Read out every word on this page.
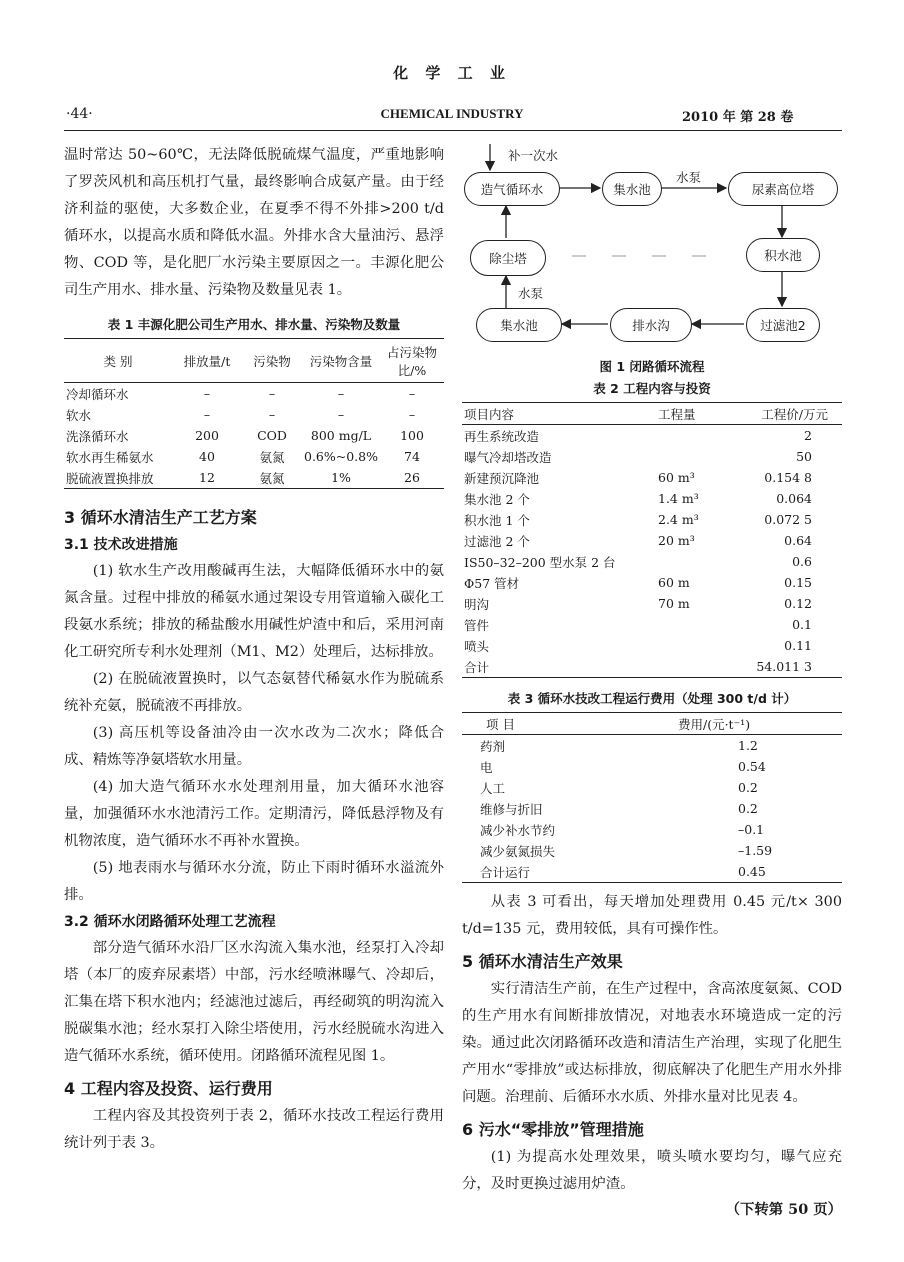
化 学 工 业
·44·	CHEMICAL INDUSTRY	2010 年 第 28 卷

温时常达 50~60℃，无法降低脱硫煤气温度，严重地影响了罗茨风机和高压机打气量，最终影响合成氨产量。由于经济利益的驱使，大多数企业，在夏季不得不外排>200 t/d 循环水，以提高水质和降低水温。外排水含大量油污、悬浮物、COD 等，是化肥厂水污染主要原因之一。丰源化肥公司生产用水、排水量、污染物及数量见表 1。

表 1 丰源化肥公司生产用水、排水量、污染物及数量
类 别	排放量/t	污染物	污染物含量	占污染物比/%
冷却循环水	–	–	–	–
软水	–	–	–	–
洗涤循环水	200	COD	800 mg/L	100
软水再生稀氨水	40	氨氮	0.6%~0.8%	74
脱硫液置换排放	12	氨氮	1%	26
3 循环水清洁生产工艺方案
3.1 技术改进措施

(1) 软水生产改用酸碱再生法，大幅降低循环水中的氨氮含量。过程中排放的稀氨水通过架设专用管道输入碳化工段氨水系统；排放的稀盐酸水用碱性炉渣中和后，采用河南化工研究所专利水处理剂（M1、M2）处理后，达标排放。

(2) 在脱硫液置换时，以气态氨替代稀氨水作为脱硫系统补充氨，脱硫液不再排放。

(3) 高压机等设备油冷由一次水改为二次水；降低合成、精炼等净氨塔软水用量。

(4) 加大造气循环水水处理剂用量，加大循环水池容量，加强循环水水池清污工作。定期清污，降低悬浮物及有机物浓度，造气循环水不再补水置换。

(5) 地表雨水与循环水分流，防止下雨时循环水溢流外排。

3.2 循环水闭路循环处理工艺流程

部分造气循环水沿厂区水沟流入集水池，经泵打入冷却塔（本厂的废弃尿素塔）中部，污水经喷淋曝气、冷却后，汇集在塔下积水池内；经滤池过滤后，再经砌筑的明沟流入脱碳集水池；经水泵打入除尘塔使用，污水经脱硫水沟进入造气循环水系统，循环使用。闭路循环流程见图 1。

4 工程内容及投资、运行费用

工程内容及其投资列于表 2，循环水技改工程运行费用统计列于表 3。

补一次水
水泵
水泵
造气循环水	集水池	尿素高位塔
积水池
过滤池2
排水沟
集水池
除尘塔
图 1 闭路循环流程
表 2 工程内容与投资
项目内容	工程量	工程价/万元
再生系统改造		2
曝气冷却塔改造		50
新建预沉降池	60 m³	0.154 8
集水池 2 个	1.4 m³	0.064
积水池 1 个	2.4 m³	0.072 5
过滤池 2 个	20 m³	0.64
IS50–32–200 型水泵 2 台		0.6
Φ57 管材	60 m	0.15
明沟	70 m	0.12
管件		0.1
喷头		0.11
合计		54.011 3
表 3 循环水技改工程运行费用（处理 300 t/d 计）
项 目	费用/(元·t⁻¹)
药剂	1.2
电	0.54
人工	0.2
维修与折旧	0.2
减少补水节约	–0.1
减少氨氮损失	–1.59
合计运行	0.45

从表 3 可看出，每天增加处理费用 0.45 元/t× 300 t/d=135 元，费用较低，具有可操作性。

5 循环水清洁生产效果

实行清洁生产前，在生产过程中，含高浓度氨氮、COD 的生产用水有间断排放情况，对地表水环境造成一定的污染。通过此次闭路循环改造和清洁生产治理，实现了化肥生产用水“零排放”或达标排放，彻底解决了化肥生产用水外排问题。治理前、后循环水水质、外排水量对比见表 4。

6 污水“零排放”管理措施

(1) 为提高水处理效果，喷头喷水要均匀，曝气应充分，及时更换过滤用炉渣。

（下转第 50 页）
